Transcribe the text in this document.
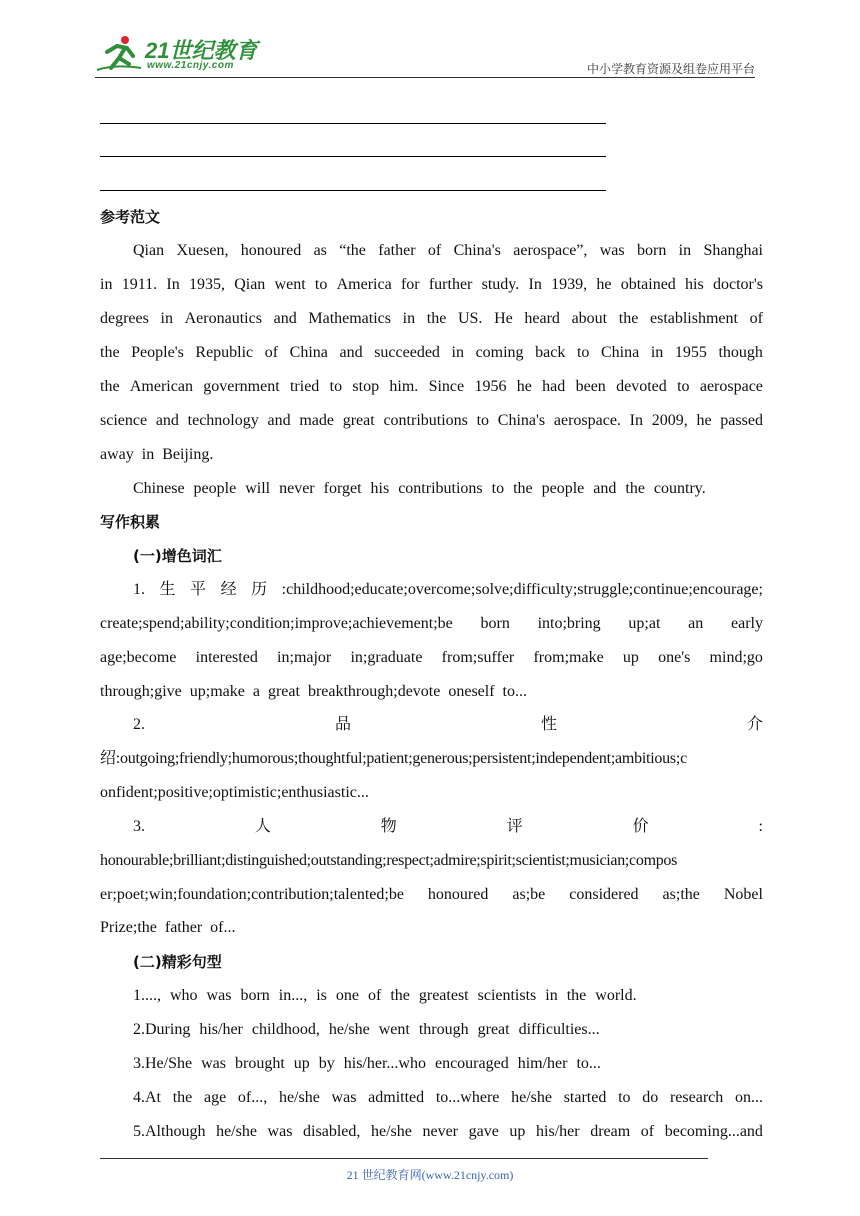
21世纪教育
www.21cnjy.com	中小学教育资源及组卷应用平台
参考范文
Qian Xuesen, honoured as “the father of China's aerospace”, was born in Shanghai
in 1911. In 1935, Qian went to America for further study. In 1939, he obtained his doctor's
degrees in Aeronautics and Mathematics in the US. He heard about the establishment of
the People's Republic of China and succeeded in coming back to China in 1955 though
the American government tried to stop him. Since 1956 he had been devoted to aerospace
science and technology and made great contributions to China's aerospace. In 2009, he passed
away in Beijing.
Chinese people will never forget his contributions to the people and the country.
写作积累
(一)增色词汇
1. 生 平 经 历 :childhood;educate;overcome;solve;difficulty;struggle;continue;encourage;
create;spend;ability;condition;improve;achievement;be born into;bring up;at an early
age;become interested in;major in;graduate from;suffer from;make up one's mind;go
through;give up;make a great breakthrough;devote oneself to...
2.	品	性	介
绍:outgoing;friendly;humorous;thoughtful;patient;generous;persistent;independent;ambitious;c
onfident;positive;optimistic;enthusiastic...
3.	人	物	评	价	:
honourable;brilliant;distinguished;outstanding;respect;admire;spirit;scientist;musician;compos
er;poet;win;foundation;contribution;talented;be honoured as;be considered as;the Nobel
Prize;the father of...
(二)精彩句型
1...., who was born in..., is one of the greatest scientists in the world.
2.During his/her childhood, he/she went through great difficulties...
3.He/She was brought up by his/her...who encouraged him/her to...
4.At the age of..., he/she was admitted to...where he/she started to do research on...
5.Although he/she was disabled, he/she never gave up his/her dream of becoming...and
21 世纪教育网(www.21cnjy.com)
